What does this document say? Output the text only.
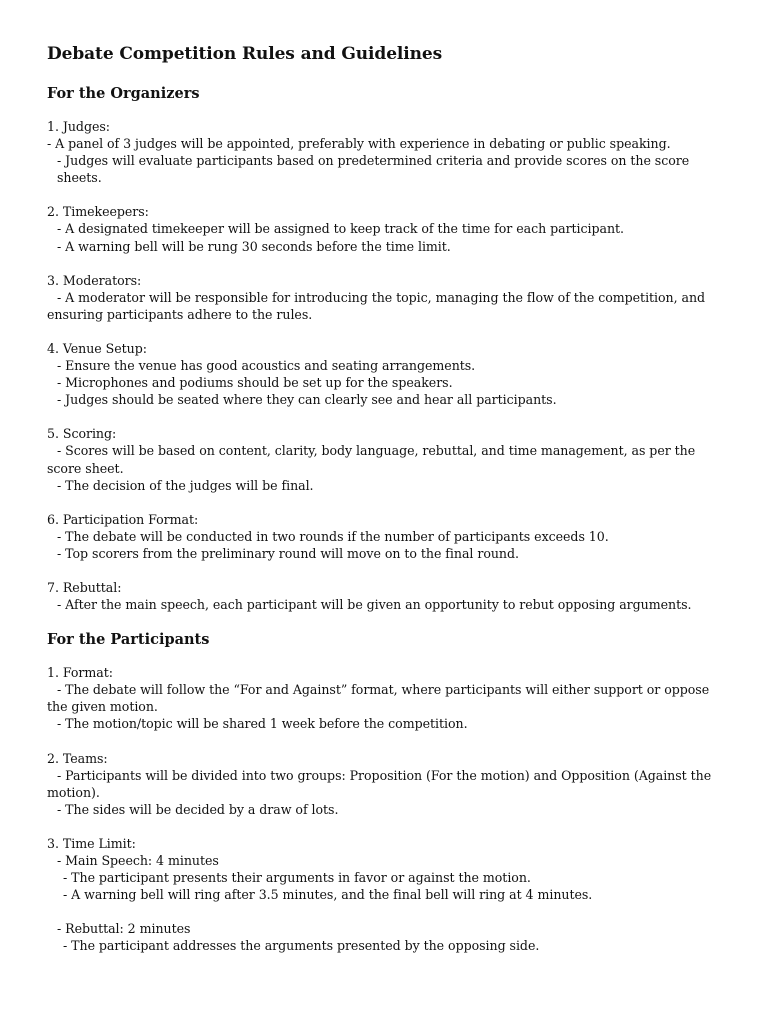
Debate Competition Rules and Guidelines
For the Organizers
1. Judges:
- A panel of 3 judges will be appointed, preferably with experience in debating or public speaking.
- Judges will evaluate participants based on predetermined criteria and provide scores on the score sheets.
2. Timekeepers:
- A designated timekeeper will be assigned to keep track of the time for each participant.
- A warning bell will be rung 30 seconds before the time limit.
3. Moderators:
- A moderator will be responsible for introducing the topic, managing the flow of the competition, and ensuring participants adhere to the rules.
4. Venue Setup:
- Ensure the venue has good acoustics and seating arrangements.
- Microphones and podiums should be set up for the speakers.
- Judges should be seated where they can clearly see and hear all participants.
5. Scoring:
- Scores will be based on content, clarity, body language, rebuttal, and time management, as per the score sheet.
- The decision of the judges will be final.
6. Participation Format:
- The debate will be conducted in two rounds if the number of participants exceeds 10.
- Top scorers from the preliminary round will move on to the final round.
7. Rebuttal:
- After the main speech, each participant will be given an opportunity to rebut opposing arguments.
For the Participants
1. Format:
- The debate will follow the “For and Against” format, where participants will either support or oppose the given motion.
- The motion/topic will be shared 1 week before the competition.
2. Teams:
- Participants will be divided into two groups: Proposition (For the motion) and Opposition (Against the motion).
- The sides will be decided by a draw of lots.
3. Time Limit:
- Main Speech: 4 minutes
- The participant presents their arguments in favor or against the motion.
- A warning bell will ring after 3.5 minutes, and the final bell will ring at 4 minutes.
- Rebuttal: 2 minutes
- The participant addresses the arguments presented by the opposing side.
